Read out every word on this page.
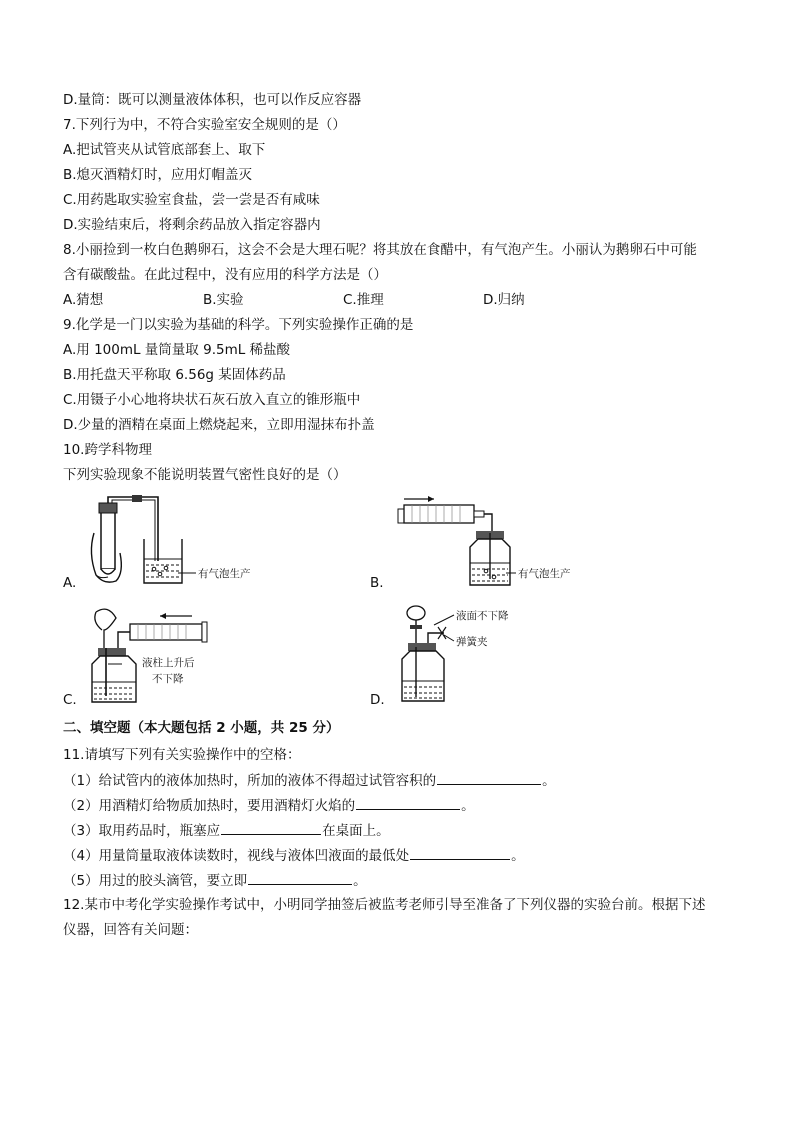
D.量筒：既可以测量液体体积，也可以作反应容器
7.下列行为中，不符合实验室安全规则的是（）
A.把试管夹从试管底部套上、取下
B.熄灭酒精灯时，应用灯帽盖灭
C.用药匙取实验室食盐，尝一尝是否有咸味
D.实验结束后，将剩余药品放入指定容器内
8.小丽捡到一枚白色鹅卵石，这会不会是大理石呢？将其放在食醋中，有气泡产生。小丽认为鹅卵石中可能
含有碳酸盐。在此过程中，没有应用的科学方法是（）
A.猜想	B.实验	C.推理	D.归纳
9.化学是一门以实验为基础的科学。下列实验操作正确的是
A.用 100mL 量筒量取 9.5mL 稀盐酸
B.用托盘天平称取 6.56g 某固体药品
C.用镊子小心地将块状石灰石放入直立的锥形瓶中
D.少量的酒精在桌面上燃烧起来，立即用湿抹布扑盖
10.跨学科物理
下列实验现象不能说明装置气密性良好的是（）
有气泡生产
A.
有气泡生产
B.
液柱上升后
不下降
C.
液面不下降
弹簧夹
D.
二、填空题（本大题包括 2 小题，共 25 分）
11.请填写下列有关实验操作中的空格：
（1）给试管内的液体加热时，所加的液体不得超过试管容积的	。
（2）用酒精灯给物质加热时，要用酒精灯火焰的	。
（3）取用药品时，瓶塞应	在桌面上。
（4）用量筒量取液体读数时，视线与液体凹液面的最低处	。
（5）用过的胶头滴管，要立即	。
12.某市中考化学实验操作考试中，小明同学抽签后被监考老师引导至准备了下列仪器的实验台前。根据下述
仪器，回答有关问题：
